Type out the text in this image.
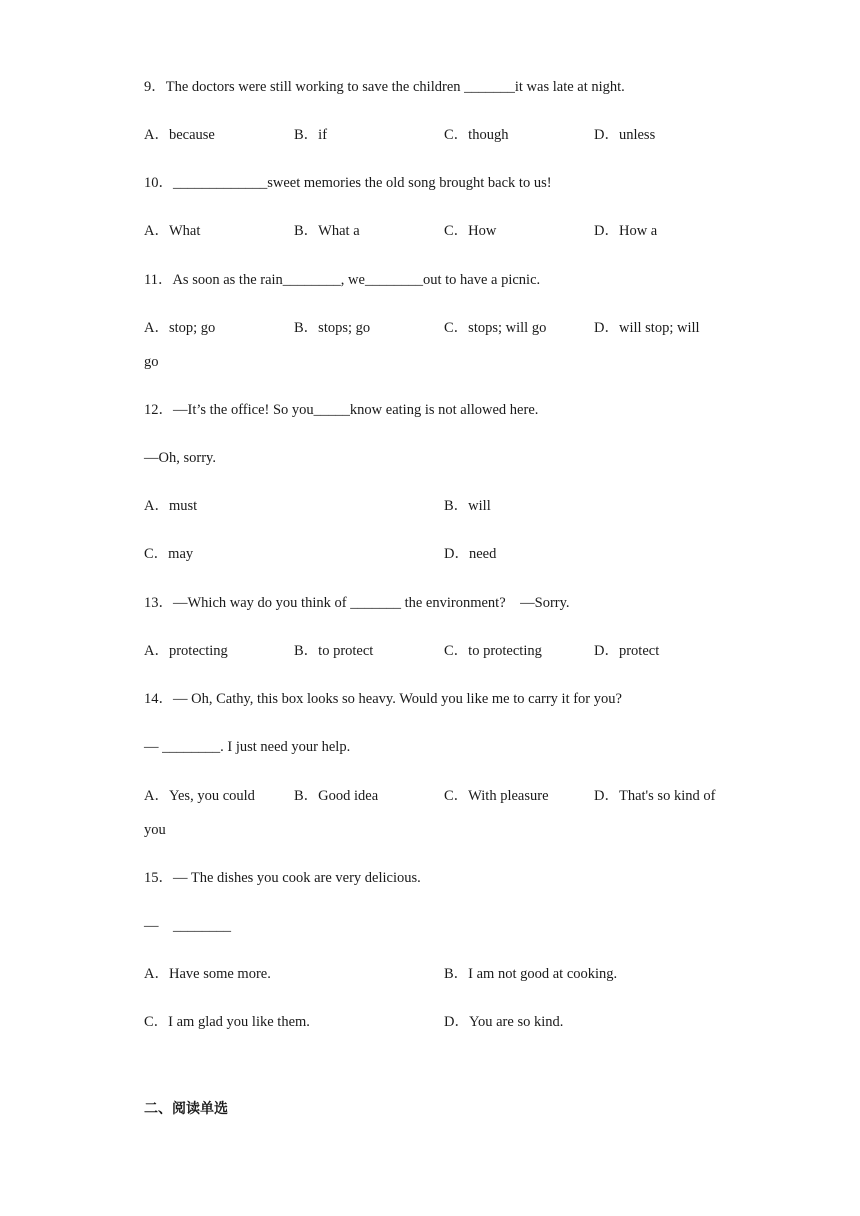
9．The doctors were still working to save the children _______it was late at night.
A．because	B．if	C．though	D．unless
10．_____________sweet memories the old song brought back to us!
A．What	B．What a	C．How	D．How a
11．As soon as the rain________, we________out to have a picnic.
A．stop; go	B．stops; go	C．stops; will go	D．will stop; will
go
12．—It’s the office! So you_____know eating is not allowed here.
—Oh, sorry.
A．must	B．will
C．may	D．need
13．—Which way do you think of _______ the environment?    —Sorry.
A．protecting	B．to protect	C．to protecting	D．protect
14．— Oh, Cathy, this box looks so heavy. Would you like me to carry it for you?
— ________. I just need your help.
A．Yes, you could	B．Good idea	C．With pleasure	D．That's so kind of
you
15．— The dishes you cook are very delicious.
—    ________
A．Have some more.	B．I am not good at cooking.
C．I am glad you like them.	D．You are so kind.
二、阅读单选
